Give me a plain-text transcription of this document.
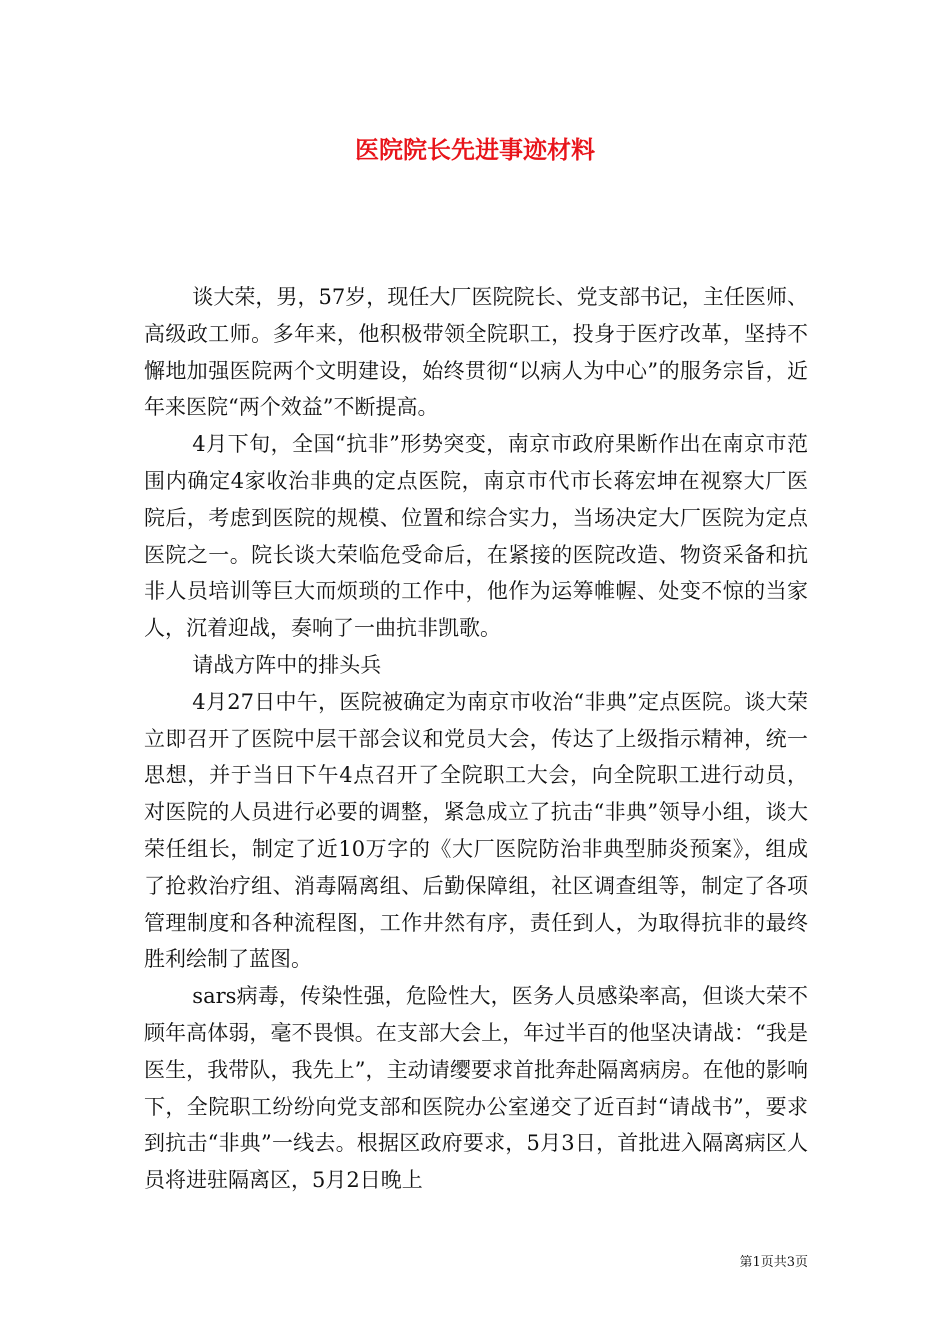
医院院长先进事迹材料

谈大荣，男，57岁，现任大厂医院院长、党支部书记，主任医师、高级政工师。多年来，他积极带领全院职工，投身于医疗改革，坚持不懈地加强医院两个文明建设，始终贯彻“以病人为中心”的服务宗旨，近年来医院“两个效益”不断提高。

4月下旬，全国“抗非”形势突变，南京市政府果断作出在南京市范围内确定4家收治非典的定点医院，南京市代市长蒋宏坤在视察大厂医院后，考虑到医院的规模、位置和综合实力，当场决定大厂医院为定点医院之一。院长谈大荣临危受命后，在紧接的医院改造、物资采备和抗非人员培训等巨大而烦琐的工作中，他作为运筹帷幄、处变不惊的当家人，沉着迎战，奏响了一曲抗非凯歌。

请战方阵中的排头兵

4月27日中午，医院被确定为南京市收治“非典”定点医院。谈大荣立即召开了医院中层干部会议和党员大会，传达了上级指示精神，统一思想，并于当日下午4点召开了全院职工大会，向全院职工进行动员，对医院的人员进行必要的调整，紧急成立了抗击“非典”领导小组，谈大荣任组长，制定了近10万字的《大厂医院防治非典型肺炎预案》，组成了抢救治疗组、消毒隔离组、后勤保障组，社区调查组等，制定了各项管理制度和各种流程图，工作井然有序，责任到人，为取得抗非的最终胜利绘制了蓝图。

sars病毒，传染性强，危险性大，医务人员感染率高，但谈大荣不顾年高体弱，毫不畏惧。在支部大会上，年过半百的他坚决请战：“我是医生，我带队，我先上”，主动请缨要求首批奔赴隔离病房。在他的影响下，全院职工纷纷向党支部和医院办公室递交了近百封“请战书”，要求到抗击“非典”一线去。根据区政府要求，5月3日，首批进入隔离病区人员将进驻隔离区，5月2日晚上

第1页共3页
